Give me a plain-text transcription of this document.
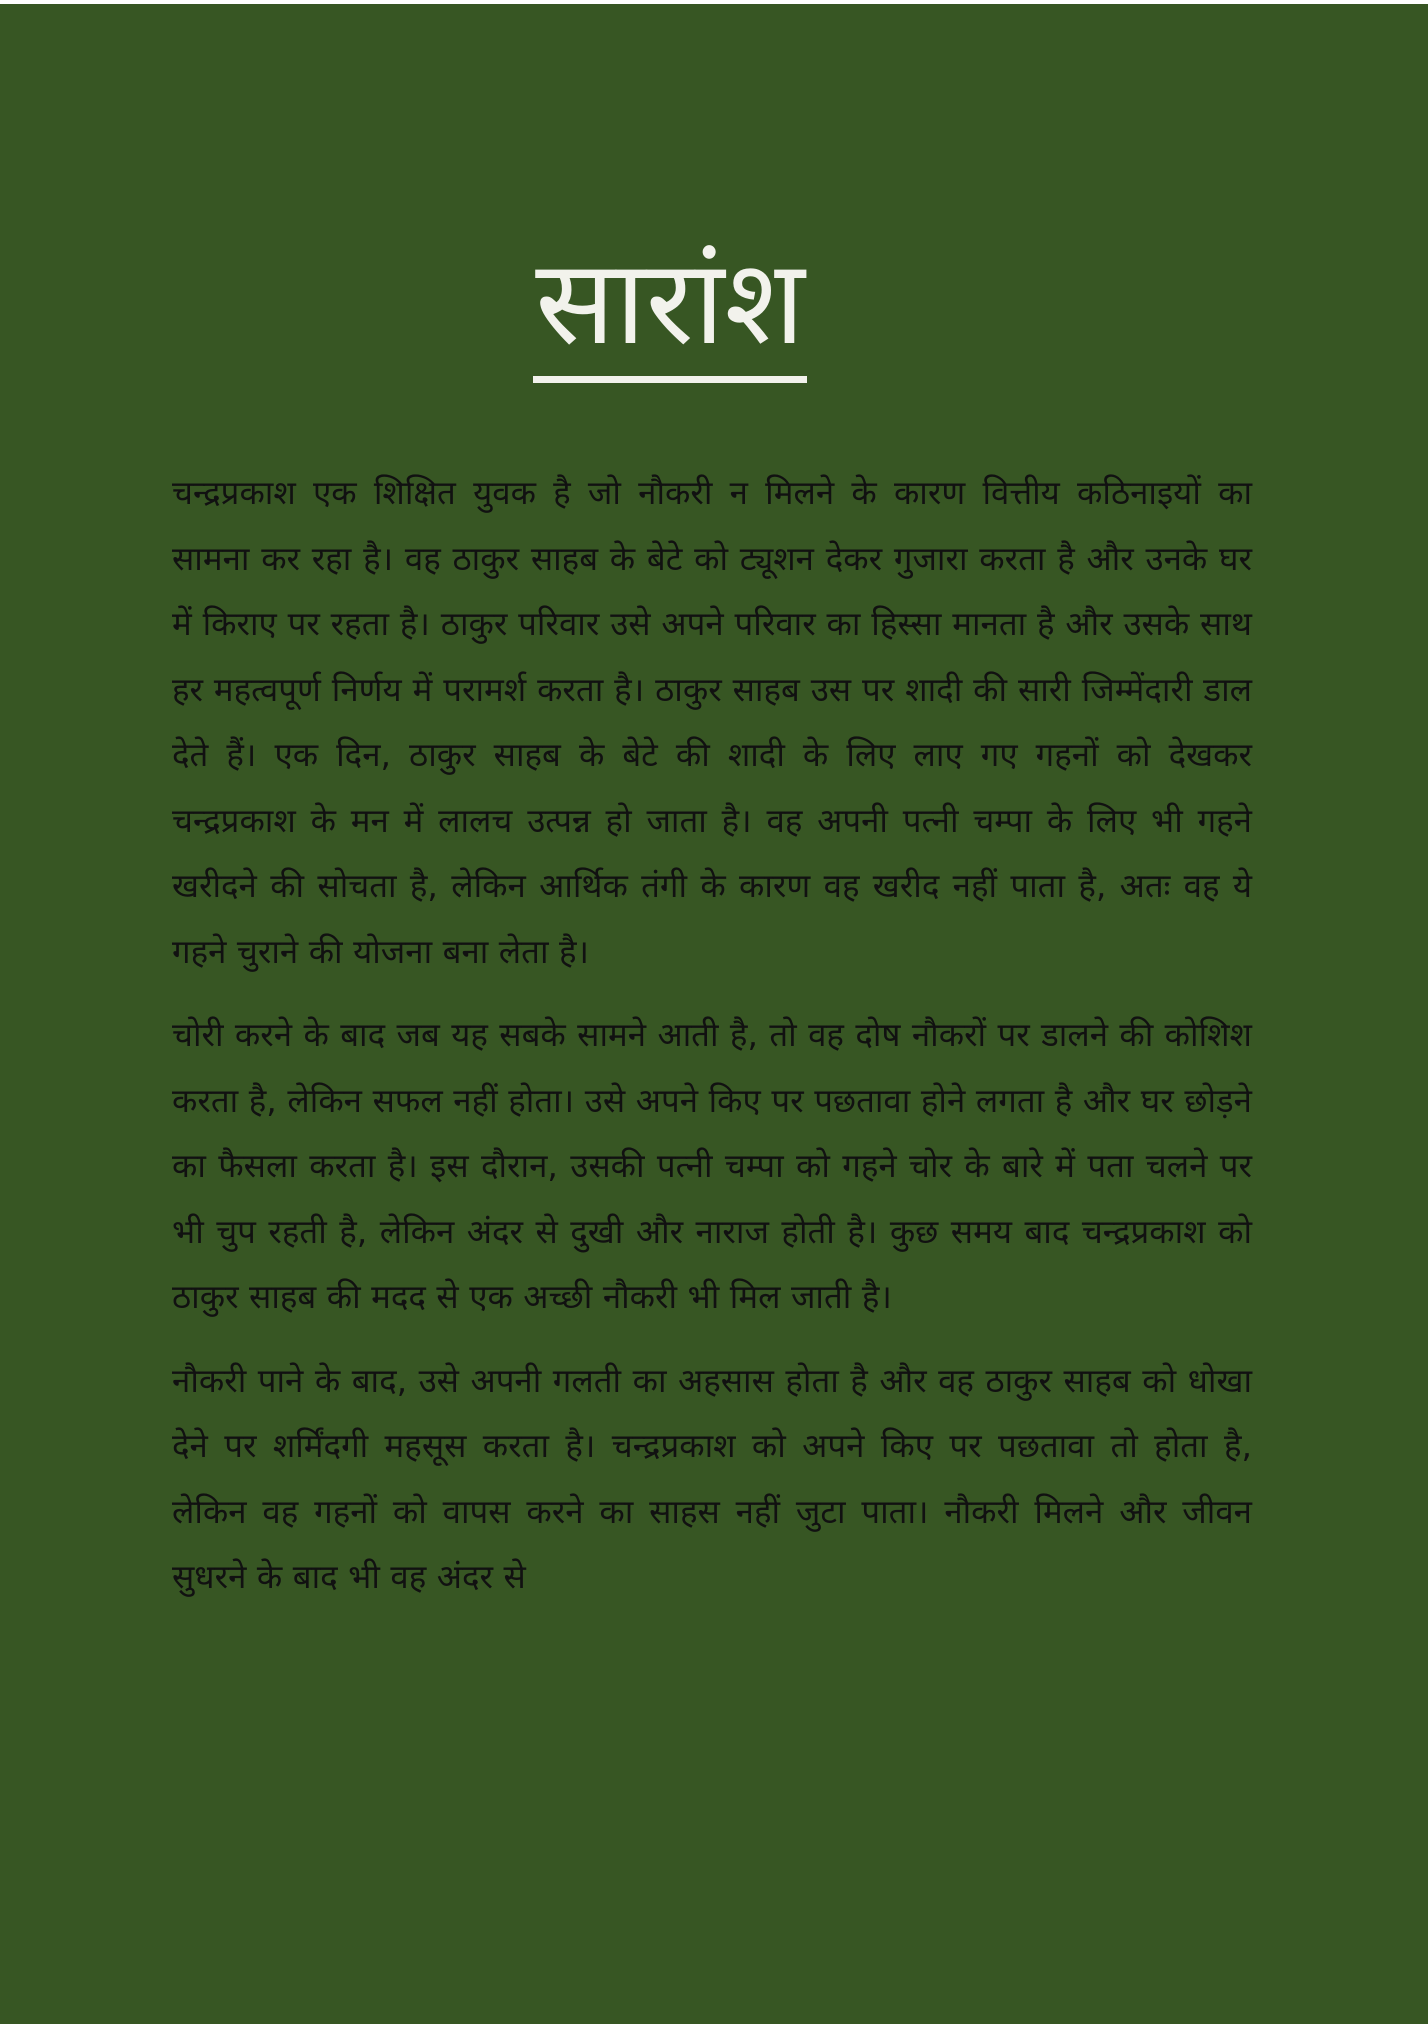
सारांश

चन्द्रप्रकाश एक शिक्षित युवक है जो नौकरी न मिलने के कारण वित्तीय कठिनाइयों का सामना कर रहा है। वह ठाकुर साहब के बेटे को ट्यूशन देकर गुजारा करता है और उनके घर में किराए पर रहता है। ठाकुर परिवार उसे अपने परिवार का हिस्सा मानता है और उसके साथ हर महत्वपूर्ण निर्णय में परामर्श करता है। ठाकुर साहब उस पर शादी की सारी जिम्मेंदारी डाल देते हैं। एक दिन, ठाकुर साहब के बेटे की शादी के लिए लाए गए गहनों को देखकर चन्द्रप्रकाश के मन में लालच उत्पन्न हो जाता है। वह अपनी पत्नी चम्पा के लिए भी गहने खरीदने की सोचता है, लेकिन आर्थिक तंगी के कारण वह खरीद नहीं पाता है, अतः वह ये गहने चुराने की योजना बना लेता है।

चोरी करने के बाद जब यह सबके सामने आती है, तो वह दोष नौकरों पर डालने की कोशिश करता है, लेकिन सफल नहीं होता। उसे अपने किए पर पछतावा होने लगता है और घर छोड़ने का फैसला करता है। इस दौरान, उसकी पत्नी चम्पा को गहने चोर के बारे में पता चलने पर भी चुप रहती है, लेकिन अंदर से दुखी और नाराज होती है। कुछ समय बाद चन्द्रप्रकाश को ठाकुर साहब की मदद से एक अच्छी नौकरी भी मिल जाती है।

नौकरी पाने के बाद, उसे अपनी गलती का अहसास होता है और वह ठाकुर साहब को धोखा देने पर शर्मिंदगी महसूस करता है। चन्द्रप्रकाश को अपने किए पर पछतावा तो होता है, लेकिन वह गहनों को वापस करने का साहस नहीं जुटा पाता। नौकरी मिलने और जीवन सुधरने के बाद भी वह अंदर से
